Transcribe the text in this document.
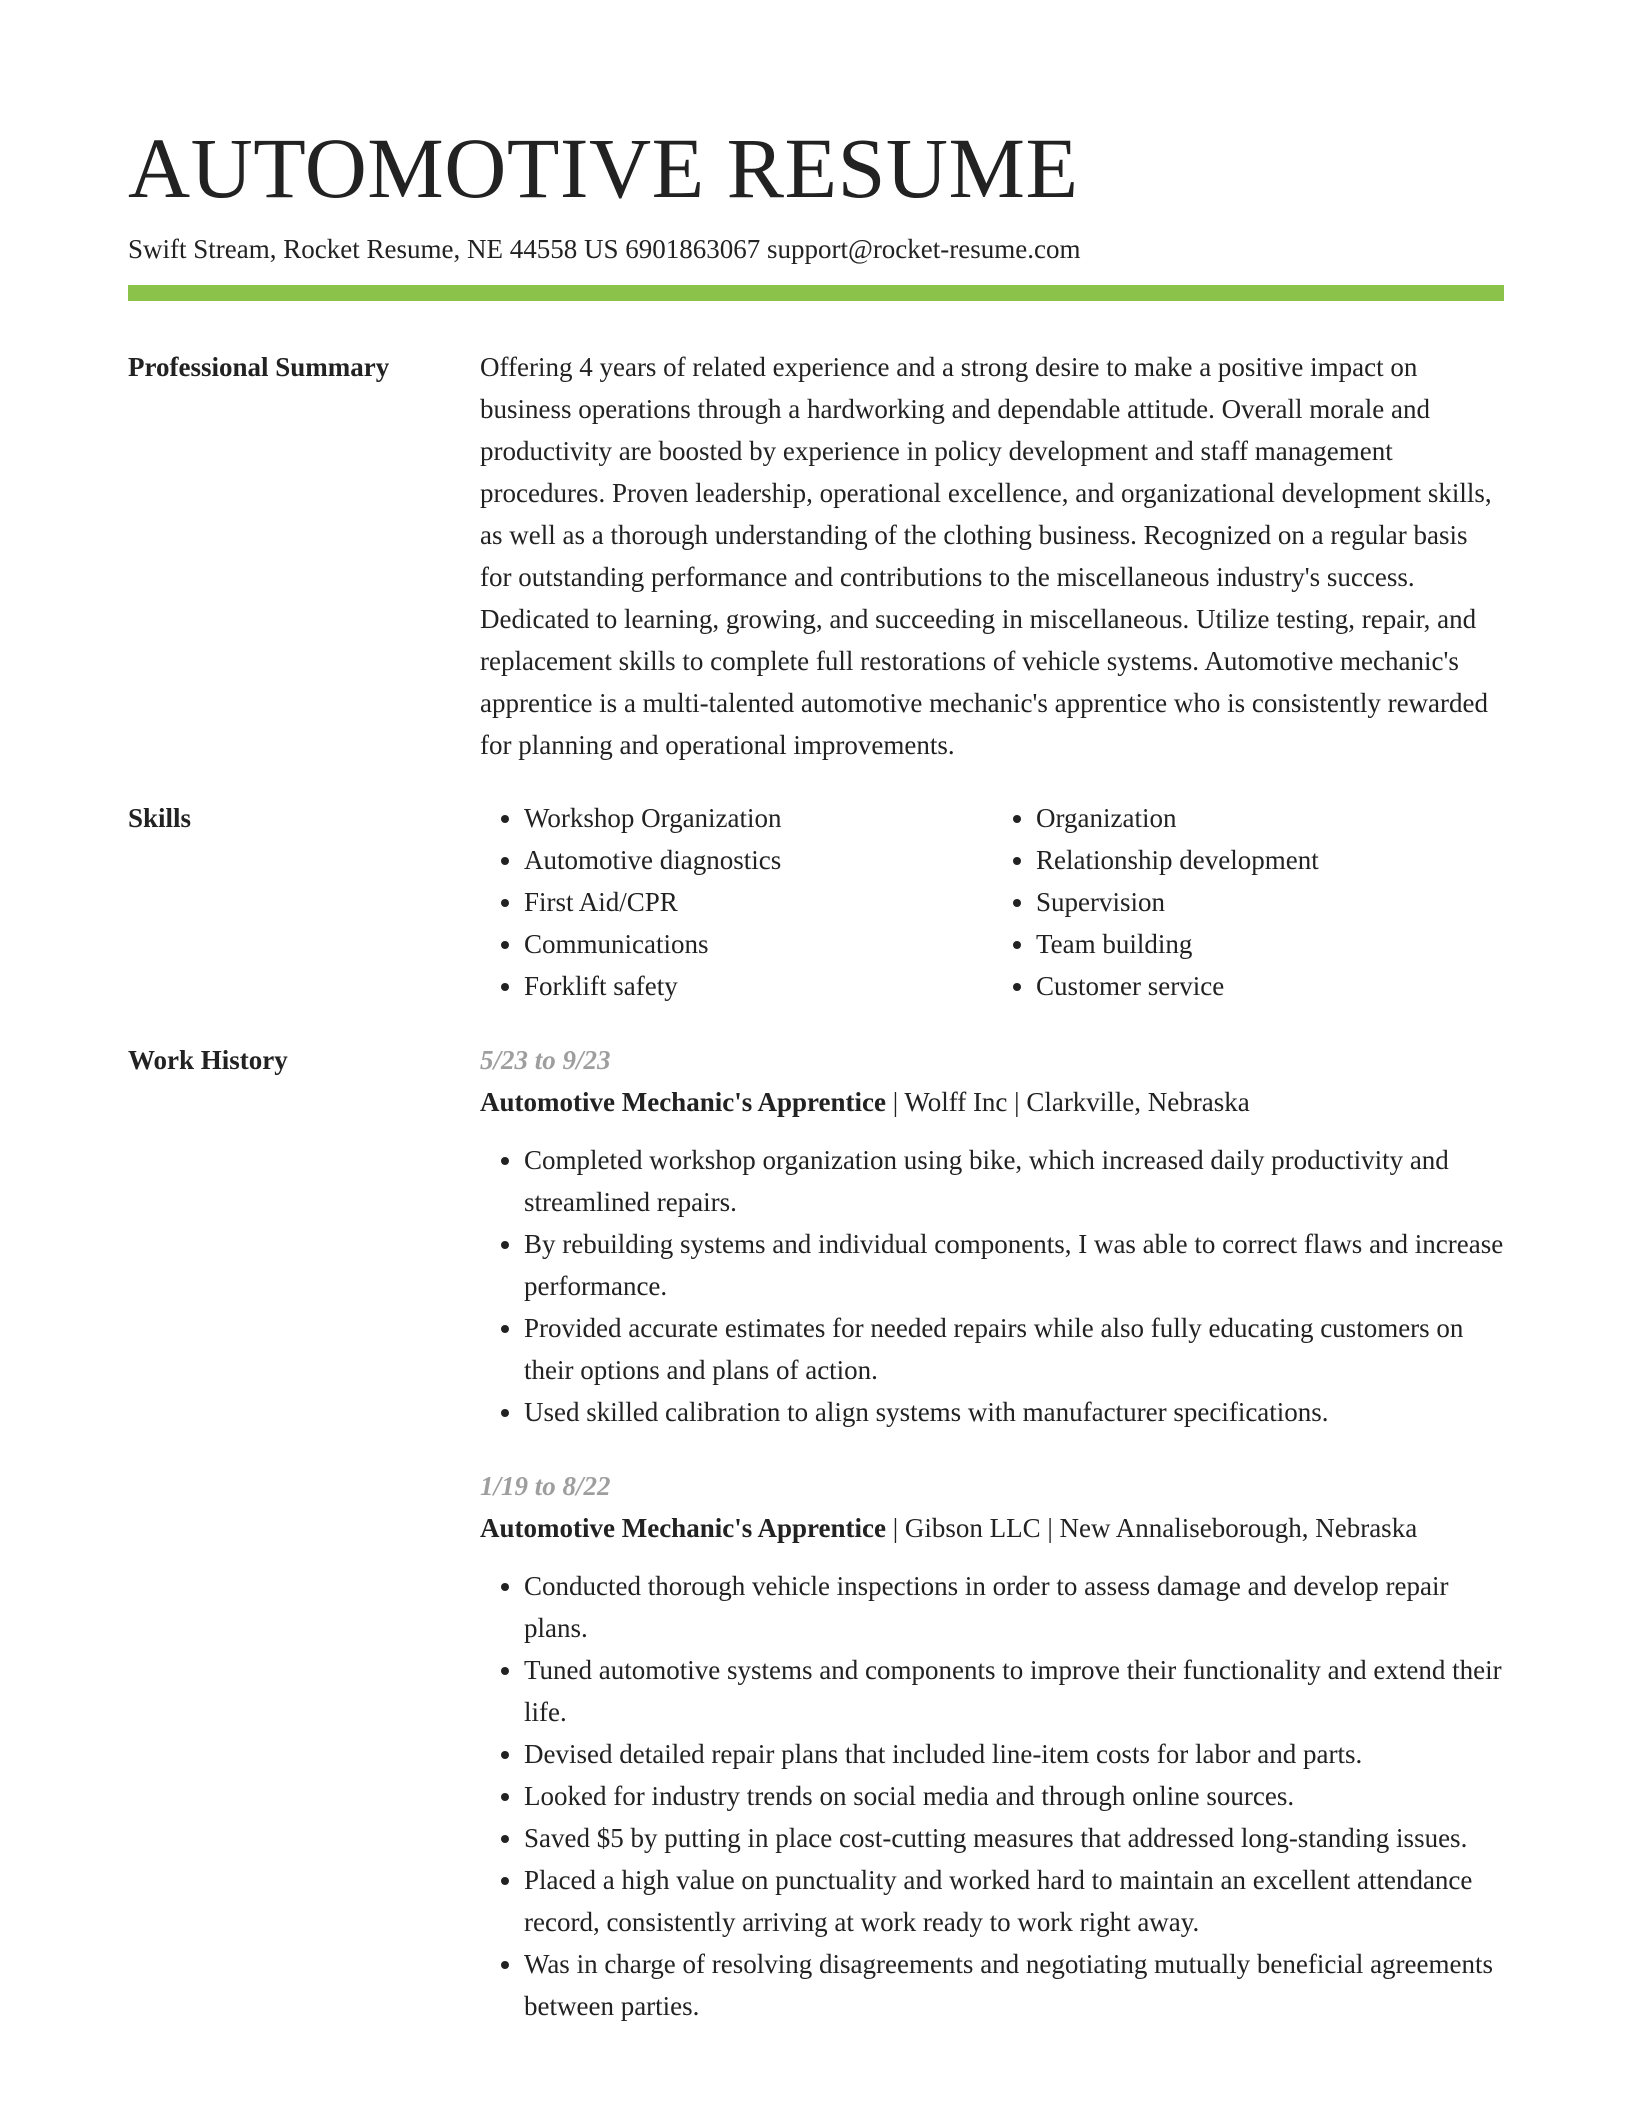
AUTOMOTIVE RESUME
Swift Stream, Rocket Resume, NE 44558 US 6901863067 support@rocket-resume.com
Professional Summary	Offering 4 years of related experience and a strong desire to make a positive impact on business operations through a hardworking and dependable attitude. Overall morale and productivity are boosted by experience in policy development and staff management procedures. Proven leadership, operational excellence, and organizational development skills, as well as a thorough understanding of the clothing business. Recognized on a regular basis for outstanding performance and contributions to the miscellaneous industry's success. Dedicated to learning, growing, and succeeding in miscellaneous. Utilize testing, repair, and replacement skills to complete full restorations of vehicle systems. Automotive mechanic's apprentice is a multi-talented automotive mechanic's apprentice who is consistently rewarded for planning and operational improvements.

Skills
•	Workshop Organization
• Automotive diagnostics
• First Aid/CPR
• Communications
• Forklift safety
• Organization
• Relationship development
• Supervision
• Team building
• Customer service
Work History	5/23 to 9/23
Automotive Mechanic's Apprentice | Wolff Inc | Clarkville, Nebraska
• Completed workshop organization using bike, which increased daily productivity and streamlined repairs.
• By rebuilding systems and individual components, I was able to correct flaws and increase performance.
• Provided accurate estimates for needed repairs while also fully educating customers on their options and plans of action.
• Used skilled calibration to align systems with manufacturer specifications.
1/19 to 8/22
Automotive Mechanic's Apprentice | Gibson LLC | New Annaliseborough, Nebraska
• Conducted thorough vehicle inspections in order to assess damage and develop repair plans.
• Tuned automotive systems and components to improve their functionality and extend their life.
• Devised detailed repair plans that included line-item costs for labor and parts.
• Looked for industry trends on social media and through online sources.
• Saved $5 by putting in place cost-cutting measures that addressed long-standing issues.
• Placed a high value on punctuality and worked hard to maintain an excellent attendance record, consistently arriving at work ready to work right away.
• Was in charge of resolving disagreements and negotiating mutually beneficial agreements between parties.
